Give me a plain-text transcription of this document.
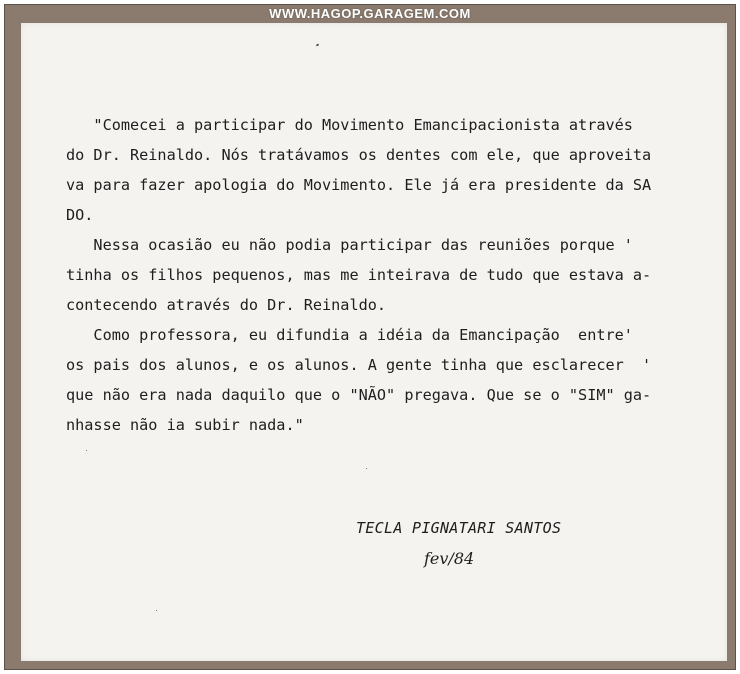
WWW.HAGOP.GARAGEM.COM
"Comecei a participar do Movimento Emancipacionista através
do Dr. Reinaldo. Nós tratávamos os dentes com ele, que aproveita
va para fazer apologia do Movimento. Ele já era presidente da SA
DO.
Nessa ocasião eu não podia participar das reuniões porque '
tinha os filhos pequenos, mas me inteirava de tudo que estava a-
contecendo através do Dr. Reinaldo.
Como professora, eu difundia a idéia da Emancipação  entre'
os pais dos alunos, e os alunos. A gente tinha que esclarecer  '
que não era nada daquilo que o "NÃO" pregava. Que se o "SIM" ga-
nhasse não ia subir nada."
TECLA PIGNATARI SANTOS
fev/84
